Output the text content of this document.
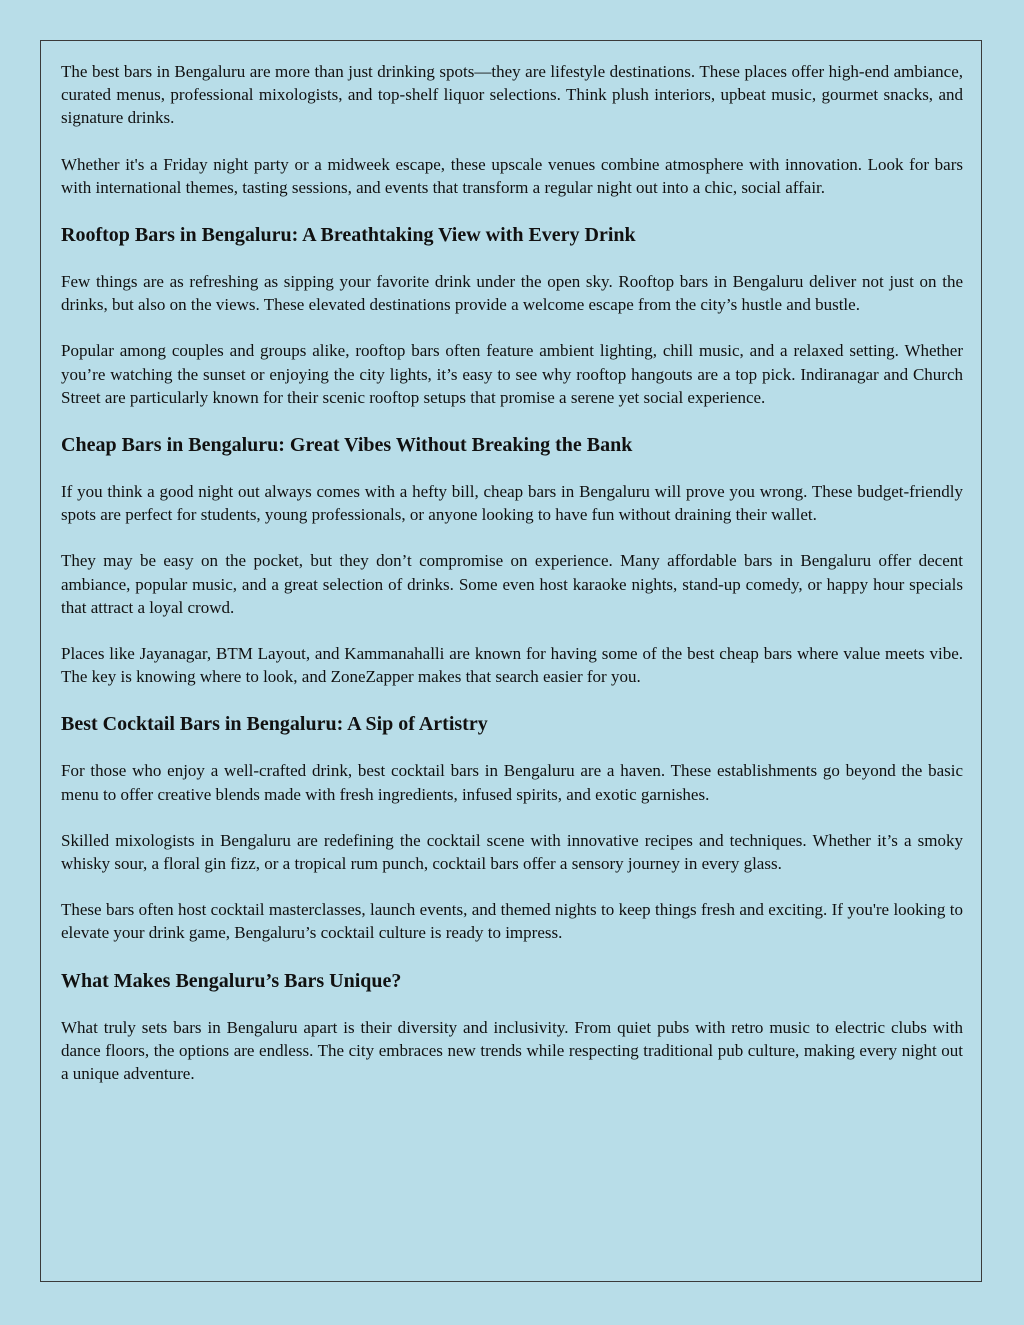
The best bars in Bengaluru are more than just drinking spots—they are lifestyle destinations. These places offer high-end ambiance, curated menus, professional mixologists, and top-shelf liquor selections. Think plush interiors, upbeat music, gourmet snacks, and signature drinks.

Whether it's a Friday night party or a midweek escape, these upscale venues combine atmosphere with innovation. Look for bars with international themes, tasting sessions, and events that transform a regular night out into a chic, social affair.

Rooftop Bars in Bengaluru: A Breathtaking View with Every Drink

Few things are as refreshing as sipping your favorite drink under the open sky. Rooftop bars in Bengaluru deliver not just on the drinks, but also on the views. These elevated destinations provide a welcome escape from the city’s hustle and bustle.

Popular among couples and groups alike, rooftop bars often feature ambient lighting, chill music, and a relaxed setting. Whether you’re watching the sunset or enjoying the city lights, it’s easy to see why rooftop hangouts are a top pick. Indiranagar and Church Street are particularly known for their scenic rooftop setups that promise a serene yet social experience.

Cheap Bars in Bengaluru: Great Vibes Without Breaking the Bank

If you think a good night out always comes with a hefty bill, cheap bars in Bengaluru will prove you wrong. These budget-friendly spots are perfect for students, young professionals, or anyone looking to have fun without draining their wallet.

They may be easy on the pocket, but they don’t compromise on experience. Many affordable bars in Bengaluru offer decent ambiance, popular music, and a great selection of drinks. Some even host karaoke nights, stand-up comedy, or happy hour specials that attract a loyal crowd.

Places like Jayanagar, BTM Layout, and Kammanahalli are known for having some of the best cheap bars where value meets vibe. The key is knowing where to look, and ZoneZapper makes that search easier for you.

Best Cocktail Bars in Bengaluru: A Sip of Artistry

For those who enjoy a well-crafted drink, best cocktail bars in Bengaluru are a haven. These establishments go beyond the basic menu to offer creative blends made with fresh ingredients, infused spirits, and exotic garnishes.

Skilled mixologists in Bengaluru are redefining the cocktail scene with innovative recipes and techniques. Whether it’s a smoky whisky sour, a floral gin fizz, or a tropical rum punch, cocktail bars offer a sensory journey in every glass.

These bars often host cocktail masterclasses, launch events, and themed nights to keep things fresh and exciting. If you're looking to elevate your drink game, Bengaluru’s cocktail culture is ready to impress.

What Makes Bengaluru’s Bars Unique?

What truly sets bars in Bengaluru apart is their diversity and inclusivity. From quiet pubs with retro music to electric clubs with dance floors, the options are endless. The city embraces new trends while respecting traditional pub culture, making every night out a unique adventure.
